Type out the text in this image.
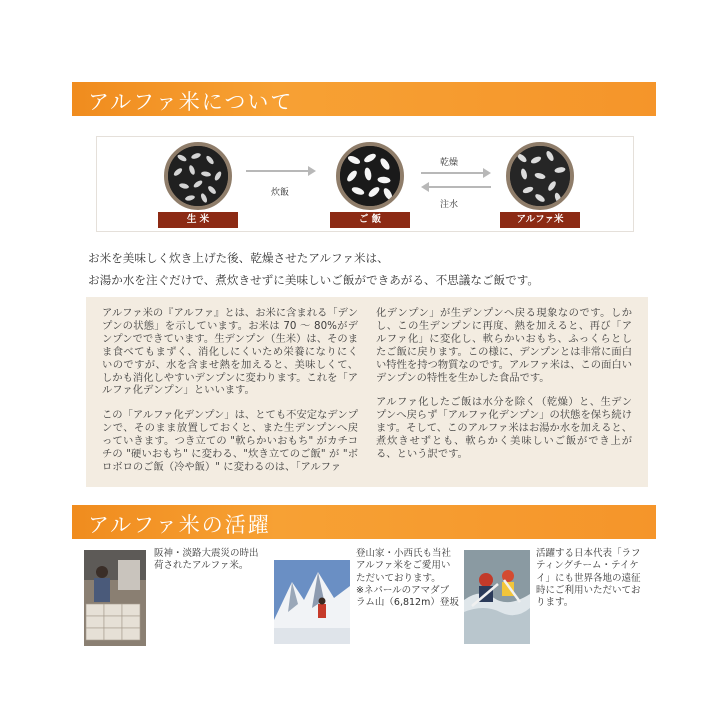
アルファ米について
生 米
炊飯
ご 飯
乾燥
注水
アルファ米
お米を美味しく炊き上げた後、乾燥させたアルファ米は、
お湯か水を注ぐだけで、煮炊きせずに美味しいご飯ができあがる、不思議なご飯です。

アルファ米の『アルファ』とは、お米に含まれる「デンプンの状態」を示しています。お米は 70 ～ 80%がデンプンでできています。生デンプン（生米）は、そのまま食べてもまずく、消化しにくいため栄養になりにくいのですが、水を含ませ熱を加えると、美味しくて、しかも消化しやすいデンプンに変わります。これを「アルファ化デンプン」といいます。

この「アルファ化デンプン」は、とても不安定なデンプンで、そのまま放置しておくと、また生デンプンへ戻っていきます。つき立ての "軟らかいおもち" がカチコチの "硬いおもち" に変わる、"炊き立てのご飯" が "ボロボロのご飯（冷や飯）" に変わるのは、「アルファ

化デンプン」が生デンプンへ戻る現象なのです。しかし、この生デンプンに再度、熱を加えると、再び「アルファ化」に変化し、軟らかいおもち、ふっくらとしたご飯に戻ります。この様に、デンプンとは非常に面白い特性を持つ物質なのです。アルファ米は、この面白いデンプンの特性を生かした食品です。

アルファ化したご飯は水分を除く（乾燥）と、生デンプンへ戻らず「アルファ化デンプン」の状態を保ち続けます。そして、このアルファ米はお湯か水を加えると、煮炊きせずとも、軟らかく美味しいご飯ができ上がる、という訳です。

アルファ米の活躍
阪神・淡路大震災の時出
荷されたアルファ米。
登山家・小西氏も当社
アルファ米をご愛用い
ただいております。
※ネパールのアマダブ
ラム山（6,812m）登坂
活躍する日本代表「ラフ
ティングチーム・テイケ
イ」にも世界各地の遠征
時にご利用いただいてお
ります。
